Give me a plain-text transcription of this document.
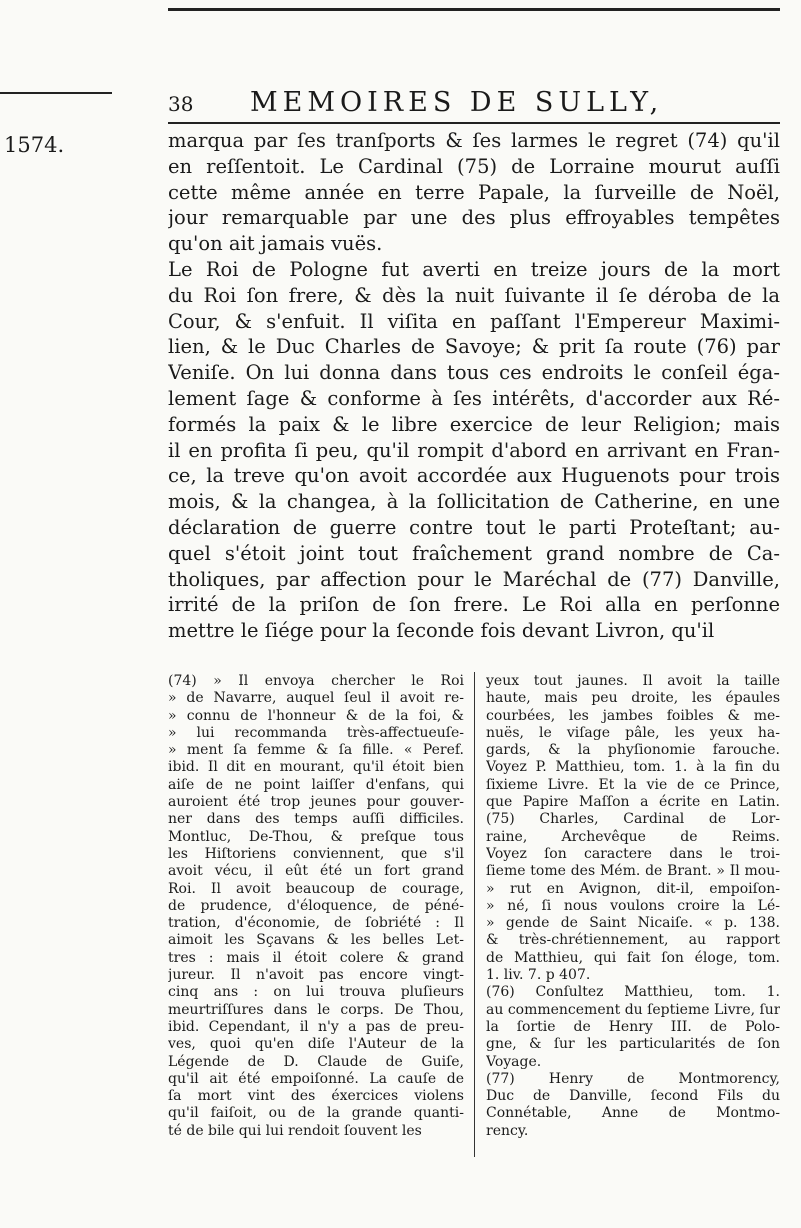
38 MEMOIRES DE SULLY,
1574.	marqua par ſes tranſports & ſes larmes le regret (74) qu'il
en reſſentoit. Le Cardinal (75) de Lorraine mourut auſſi
cette même année en terre Papale, la ſurveille de Noël,
jour remarquable par une des plus effroyables tempêtes
qu'on ait jamais vuës.
Le Roi de Pologne fut averti en treize jours de la mort
du Roi ſon frere, & dès la nuit ſuivante il ſe déroba de la
Cour, & s'enfuit. Il viſita en paſſant l'Empereur Maximi-
lien, & le Duc Charles de Savoye; & prit ſa route (76) par
Veniſe. On lui donna dans tous ces endroits le conſeil éga-
lement ſage & conforme à ſes intérêts, d'accorder aux Ré-
formés la paix & le libre exercice de leur Religion; mais
il en profita ſi peu, qu'il rompit d'abord en arrivant en Fran-
ce, la treve qu'on avoit accordée aux Huguenots pour trois
mois, & la changea, à la ſollicitation de Catherine, en une
déclaration de guerre contre tout le parti Proteſtant; au-
quel s'étoit joint tout fraîchement grand nombre de Ca-
tholiques, par affection pour le Maréchal de (77) Danville,
irrité de la priſon de ſon frere. Le Roi alla en perſonne
mettre le ſiége pour la ſeconde fois devant Livron, qu'il
(74) » Il envoya chercher le Roi
» de Navarre, auquel ſeul il avoit re-
» connu de l'honneur & de la foi, &
» lui recommanda très-affectueuſe-
» ment ſa femme & ſa fille. « Peref.
ibid. Il dit en mourant, qu'il étoit bien
aiſe de ne point laiſſer d'enfans, qui
auroient été trop jeunes pour gouver-
ner dans des temps auſſi difficiles.
Montluc, De-Thou, & preſque tous
les Hiſtoriens conviennent, que s'il
avoit vécu, il eût été un fort grand
Roi. Il avoit beaucoup de courage,
de prudence, d'éloquence, de péné-
tration, d'économie, de ſobriété : Il
aimoit les Sçavans & les belles Let-
tres : mais il étoit colere & grand
jureur. Il n'avoit pas encore vingt-
cinq ans : on lui trouva pluſieurs
meurtriſſures dans le corps. De Thou,
ibid. Cependant, il n'y a pas de preu-
ves, quoi qu'en diſe l'Auteur de la
Légende de D. Claude de Guiſe,
qu'il ait été empoiſonné. La cauſe de
ſa mort vint des éxercices violens
qu'il faiſoit, ou de la grande quanti-
té de bile qui lui rendoit ſouvent les
yeux tout jaunes. Il avoit la taille
haute, mais peu droite, les épaules
courbées, les jambes foibles & me-
nuës, le viſage pâle, les yeux ha-
gards, & la phyſionomie farouche.
Voyez P. Matthieu, tom. 1. à la fin du
ſixieme Livre. Et la vie de ce Prince,
que Papire Maſſon a écrite en Latin.
(75) Charles, Cardinal de Lor-
raine, Archevêque de Reims.
Voyez ſon caractere dans le troi-
ſieme tome des Mém. de Brant. » Il mou-
» rut en Avignon, dit-il, empoiſon-
» né, ſi nous voulons croire la Lé-
» gende de Saint Nicaiſe. « p. 138.
& très-chrétiennement, au rapport
de Matthieu, qui fait ſon éloge, tom.
1. liv. 7. p 407.
(76) Conſultez Matthieu, tom. 1.
au commencement du ſeptieme Livre, ſur
la ſortie de Henry III. de Polo-
gne, & ſur les particularités de ſon
Voyage.
(77) Henry de Montmorency,
Duc de Danville, ſecond Fils du
Connétable, Anne de Montmo-
rency.
